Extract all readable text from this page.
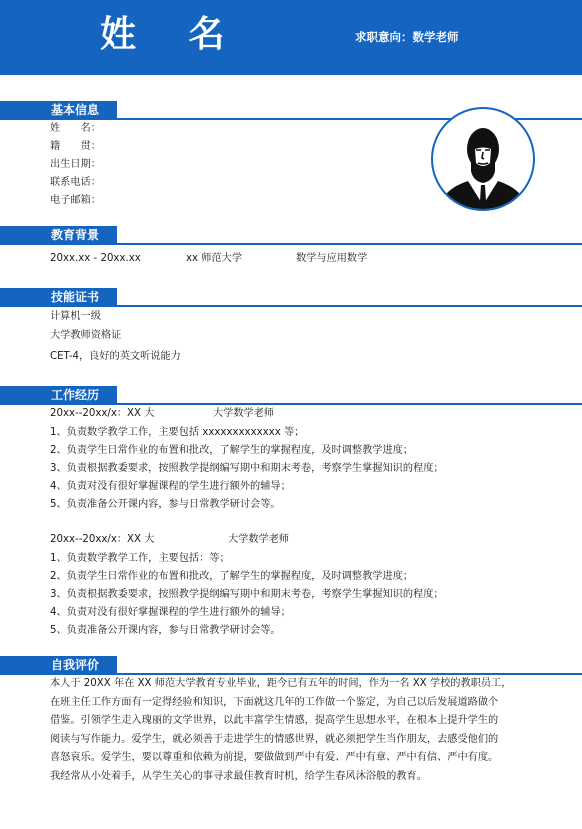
姓 名	求职意向：数学老师
基本信息
姓　　名：
籍　　贯：
出生日期：
联系电话：
电子邮箱：
教育背景
20xx.xx - 20xx.xx	xx 师范大学	数学与应用数学
技能证书
计算机一级
大学教师资格证
CET-4，良好的英文听说能力
工作经历
20xx--20xx/x：XX 大	大学数学老师
1、负责数学教学工作，主要包括 xxxxxxxxxxxxx 等；
2、负责学生日常作业的布置和批改，了解学生的掌握程度，及时调整教学进度；
3、负责根据教委要求，按照教学提纲编写期中和期末考卷，考察学生掌握知识的程度；
4、负责对没有很好掌握课程的学生进行额外的辅导；
5、负责准备公开课内容，参与日常教学研讨会等。
20xx--20xx/x：XX 大	大学数学老师
1、负责数学教学工作，主要包括：等；
2、负责学生日常作业的布置和批改，了解学生的掌握程度，及时调整教学进度；
3、负责根据教委要求，按照教学提纲编写期中和期末考卷，考察学生掌握知识的程度；
4、负责对没有很好掌握课程的学生进行额外的辅导；
5、负责准备公开课内容，参与日常教学研讨会等。
自我评价
本人于 20XX 年在 XX 师范大学教育专业毕业，距今已有五年的时间，作为一名 XX 学校的教职员工，
在班主任工作方面有一定得经验和知识，下面就这几年的工作做一个鉴定，为自己以后发展道路做个
借鉴。引领学生走入瑰丽的文学世界，以此丰富学生情感，提高学生思想水平，在根本上提升学生的
阅读与写作能力。爱学生，就必须善于走进学生的情感世界，就必须把学生当作朋友，去感受他们的
喜怒哀乐。爱学生，要以尊重和依赖为前提，要做做到严中有爱、严中有章、严中有信、严中有度。
我经常从小处着手，从学生关心的事寻求最佳教育时机，给学生春风沐浴般的教育。
